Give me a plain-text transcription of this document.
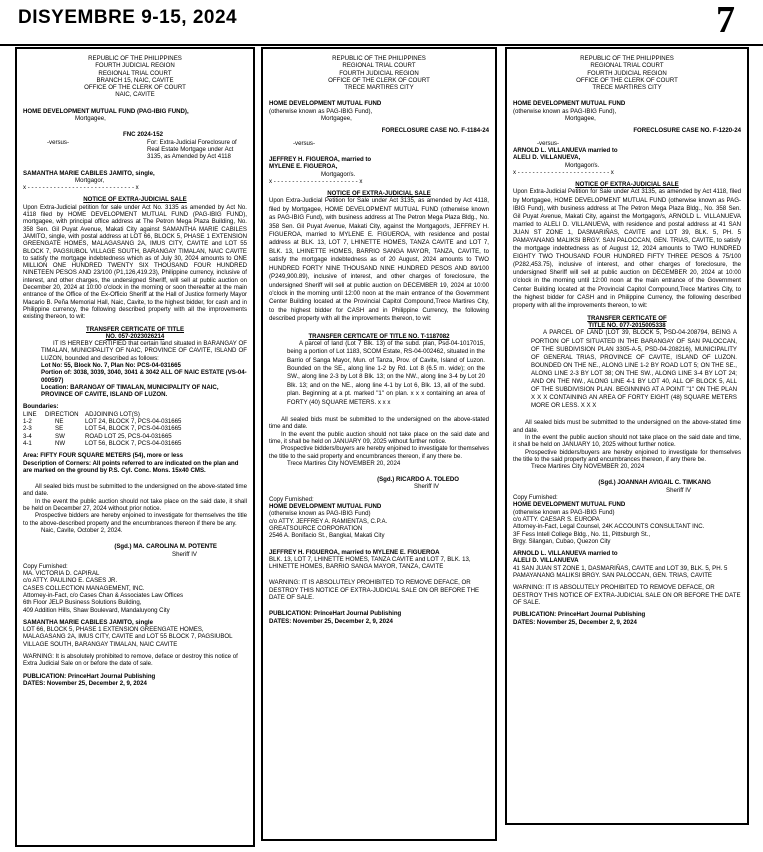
DISYEMBRE 9-15, 2024	7
REPUBLIC OF THE PHILIPPINES
FOURTH JUDICIAL REGION
REGIONAL TRIAL COURT
BRANCH 15, NAIC, CAVITE
OFFICE OF THE CLERK OF COURT
NAIC, CAVITE
HOME DEVELOPMENT MUTUAL FUND (PAG-IBIG FUND),
Mortgagee,
FNC 2024-152
-versus-	For: Extra-Judicial Foreclosure of Real Estate Mortgage under Act 3135, as Amended by Act 4118
SAMANTHA MARIE CABILES JAMITO, single,
Mortgagor,
x - - - - - - - - - - - - - - - - - - - - - - - - - - - - - x
NOTICE OF EXTRA-JUDICIAL SALE

Upon Extra-Judicial petition for sale under Act No. 3135 as amended by Act No. 4118 filed by HOME DEVELOPMENT MUTUAL FUND (PAG-IBIG FUND), mortgagee, with principal office address at The Petron Mega Plaza Building, No. 358 Sen. Gil Puyat Avenue, Makati City against SAMANTHA MARIE CABILES JAMITO, single, with postal address at LOT 66, BLOCK 5, PHASE 1 EXTENSION GREENGATE HOMES, MALAGASANG 2A, IMUS CITY, CAVITE and LOT 55 BLOCK 7, PAGSIUBOL VILLAGE SOUTH, BARANGAY TIMALAN, NAIC CAVITE to satisfy the mortgage indebtedness which as of July 30, 2024 amounts to ONE MILLION ONE HUNDRED TWENTY SIX THOUSAND FOUR HUNDRED NINETEEN PESOS AND 23/100 (P1,126,419.23), Philippine currency, inclusive of interest, and other charges, the undersigned Sheriff, will sell at public auction on December 20, 2024 at 10:00 o'clock in the morning or soon thereafter at the main entrance of the Office of the Ex-Officio Sheriff at the Hall of Justice formerly Mayor Macario B. Peña Memorial Hall, Naic, Cavite, to the highest bidder, for cash and in Philippine currency, the following described property with all the improvements existing thereon, to wit:

TRANSFER CERTICATE OF TITLE
NO. 057-2023026214

IT IS HEREBY CERTIFIED that certain land situated in BARANGAY OF TIMALAN, MUNICIPALITY OF NAIC, PROVINCE OF CAVITE, ISLAND OF LUZON, bounded and described as follows:

Lot No: 55, Block No. 7, Plan No: PCS-04-031665
Portion of: 3038, 3039, 3040, 3041 & 3042 ALL OF NAIC ESTATE (VS-04-000597)
Location: BARANGAY OF TIMALAN, MUNICIPALITY OF NAIC, PROVINCE OF CAVITE, ISLAND OF LUZON.
Boundaries:
LINE	DIRECTION	ADJOINING LOT(S)
1-2	NE	LOT 24, BLOCK 7, PCS-04-031665
2-3	SE	LOT 54, BLOCK 7, PCS-04-031665
3-4	SW	ROAD LOT 25, PCS-04-031665
4-1	NW	LOT 56, BLOCK 7, PCS-04-031665
Area: FIFTY FOUR SQUARE METERS (54), more or less
Description of Corners: All points referred to are indicated on the plan and are marked on the ground by P.S. Cyl. Conc. Mons. 15x40 CMS.

All sealed bids must be submitted to the undersigned on the above-stated time and date.

In the event the public auction should not take place on the said date, it shall be held on December 27, 2024 without prior notice.

Prospective bidders are hereby enjoined to investigate for themselves the title to the above-described property and the encumbrances thereon if there be any.

Naic, Cavite, October 2, 2024.
(Sgd.) MA. CAROLINA M. POTENTE
Sheriff IV
Copy Furnished:
MA. VICTORIA D. CAPIRAL
c/o ATTY. PAULINO E. CASES JR.
CASES COLLECTION MANAGEMENT, INC.
Attorney-in-Fact, c/o Cases Chan & Associates Law Offices
6th Floor JELP Business Solutions Building,
409 Addition Hills, Shaw Boulevard, Mandaluyong City
SAMANTHA MARIE CABILES JAMITO, single
LOT 66, BLOCK 5, PHASE 1 EXTENSION GREENGATE HOMES, MALAGASANG 2A, IMUS CITY, CAVITE and LOT 55 BLOCK 7, PAGSIUBOL VILLAGE SOUTH, BARANGAY TIMALAN, NAIC CAVITE
WARNING: It is absolutely prohibited to remove, deface or destroy this notice of Extra Judicial Sale on or before the date of sale.
PUBLICATION: PrinceHart Journal Publishing
DATES: November 25, December 2, 9, 2024
REPUBLIC OF THE PHILIPPINES
REGIONAL TRIAL COURT
FOURTH JUDICIAL REGION
OFFICE OF THE CLERK OF COURT
TRECE MARTIRES CITY
HOME DEVELOPMENT MUTUAL FUND
(otherwise known as PAG-IBIG Fund),
Mortgagee,
FORECLOSURE CASE NO. F-1184-24
-versus-
JEFFREY H. FIGUEROA, married to
MYLENE E. FIGUEROA,
Mortgagor/s.
x - - - - - - - - - - - - - - - - - - - - - - - x
NOTICE OF EXTRA-JUDICIAL SALE

Upon Extra-Judicial Petition for Sale under Act 3135, as amended by Act 4118, filed by Mortgagee, HOME DEVELOPMENT MUTUAL FUND (otherwise known as PAG-IBIG Fund), with business address at The Petron Mega Plaza Bldg., No. 358 Sen. Gil Puyat Avenue, Makati City, against the Mortgagor/s, JEFFREY H. FIGUEROA, married to MYLENE E. FIGUEROA, with residence and postal address at BLK. 13, LOT 7, LHINETTE HOMES, TANZA CAVITE and LOT 7, BLK. 13, LHINETTE HOMES, BARRIO SANGA MAYOR, TANZA, CAVITE, to satisfy the mortgage indebtedness as of 20 August, 2024 amounts to TWO HUNDRED FORTY NINE THOUSAND NINE HUNDRED PESOS AND 89/100 (P249,900.89), inclusive of interest, and other charges of foreclosure, the undersigned Sheriff will sell at public auction on DECEMBER 19, 2024 at 10:00 o'clock in the morning until 12:00 noon at the main entrance of the Government Center Building located at the Provincial Capitol Compound,Trece Martires City, to the highest bidder for CASH and in Philippine Currency, the following described property with all the improvements thereon, to wit:

TRANSFER CERTICATE OF TITLE NO. T-1187082

A parcel of land (Lot 7 Blk. 13) of the subd. plan, Psd-04-1017015, being a portion of Lot 1183, SCOM Estate, RS-04-002462, situated in the Barrio of Sanga Mayor, Mun. of Tanza, Prov. of Cavite, Island of Luzon. Bounded on the SE., along line 1-2 by Rd. Lot 8 (6.5 m. wide); on the SW., along line 2-3 by Lot 8 Blk. 13; on the NW., along line 3-4 by Lot 20 Blk. 13; and on the NE., along line 4-1 by Lot 6, Blk. 13, all of the subd. plan. Beginning at a pt. marked "1" on plan. x x x containing an area of FORTY (40) SQUARE METERS. x x x

All sealed bids must be submitted to the undersigned on the above-stated time and date.

In the event the public auction should not take place on the said date and time, it shall be held on JANUARY 09, 2025 without further notice.

Prospective bidders/buyers are hereby enjoined to investigate for themselves the title to the said property and encumbrances thereon, if any there be.

Trece Martires City NOVEMBER 20, 2024
(Sgd.) RICARDO A. TOLEDO
Sheriff IV
Copy Furnished:
HOME DEVELOPMENT MUTUAL FUND
(otherwise known as PAG-IBIG Fund)
c/o ATTY. JEFFREY A. RAMIENTAS, C.P.A.
GREATSOURCE CORPORATION
2546 A. Bonifacio St., Bangkal, Makati City
JEFFREY H. FIGUEROA, married to MYLENE E. FIGUEROA
BLK. 13, LOT 7, LHINETTE HOMES, TANZA CAVITE and LOT 7, BLK. 13, LHINETTE HOMES, BARRIO SANGA MAYOR, TANZA, CAVITE
WARNING: IT IS ABSOLUTELY PROHIBITED TO REMOVE DEFACE, OR DESTROY THIS NOTICE OF EXTRA-JUDICIAL SALE ON OR BEFORE THE DATE OF SALE.
PUBLICATION: PrinceHart Journal Publishing
DATES: November 25, December 2, 9, 2024
REPUBLIC OF THE PHILIPPINES
REGIONAL TRIAL COURT
FOURTH JUDICIAL REGION
OFFICE OF THE CLERK OF COURT
TRECE MARTIRES CITY
HOME DEVELOPMENT MUTUAL FUND
(otherwise known as PAG-IBIG Fund),
Mortgagee,
FORECLOSURE CASE NO. F-1220-24
-versus-
ARNOLD L. VILLANUEVA married to
ALELI D. VILLANUEVA,
Mortgagor/s.
x - - - - - - - - - - - - - - - - - - - - - - - - - x
NOTICE OF EXTRA-JUDICIAL SALE

Upon Extra-Judicial Petition for Sale under Act 3135, as amended by Act 4118, filed by Mortgagee, HOME DEVELOPMENT MUTUAL FUND (otherwise known as PAG-IBIG Fund), with business address at The Petron Mega Plaza Bldg., No. 358 Sen. Gil Puyat Avenue, Makati City, against the Mortgagor/s, ARNOLD L. VILLANUEVA married to ALELI D. VILLANUEVA, with residence and postal address at 41 SAN JUAN ST ZONE 1, DASMARIÑAS, CAVITE and LOT 39, BLK. 5, PH. 5 PAMAYANANG MALIKSI BRGY. SAN PALOCCAN, GEN. TRIAS, CAVITE, to satisfy the mortgage indebtedness as of August 12, 2024 amounts to TWO HUNDRED EIGHTY TWO THOUSAND FOUR HUNDRED FIFTY THREE PESOS & 75/100 (P282,453.75), inclusive of interest, and other charges of foreclosure, the undersigned Sheriff will sell at public auction on DECEMBER 20, 2024 at 10:00 o'clock in the morning until 12:00 noon at the main entrance of the Government Center Building located at the Provincial Capitol Compound,Trece Martires City, to the highest bidder for CASH and in Philippine Currency, the following described property with all the improvements thereon, to wit:

TRANSFER CERTICATE OF
TITLE NO. 077-2015005338

A PARCEL OF LAND (LOT 39, BLOCK 5, PSD-04-208794, BEING A PORTION OF LOT SITUATED IN THE BARANGAY OF SAN PALOCCAN, OF THE SUBDIVISION PLAN 3305-A-5, PSD-04-208216), MUNICIPALITY OF GENERAL TRIAS, PROVINCE OF CAVITE, ISLAND OF LUZON. BOUNDED ON THE NE., ALONG LINE 1-2 BY ROAD LOT 5; ON THE SE., ALONG LINE 2-3 BY LOT 38; ON THE SW., ALONG LINE 3-4 BY LOT 24; AND ON THE NW., ALONG LINE 4-1 BY LOT 40, ALL OF BLOCK 5, ALL OF THE SUBDIVISION PLAN. BEGINNING AT A POINT "1" ON THE PLAN X X X CONTAINING AN AREA OF FORTY EIGHT (48) SQUARE METERS MORE OR LESS. X X X

All sealed bids must be submitted to the undersigned on the above-stated time and date.

In the event the public auction should not take place on the said date and time, it shall be held on JANUARY 10, 2025 without further notice.

Prospective bidders/buyers are hereby enjoined to investigate for themselves the title to the said property and encumbrances thereon, if any there be.

Trece Martires City NOVEMBER 20, 2024
(Sgd.) JOANNAH AVIGAIL C. TIMKANG
Sheriff IV
Copy Furnished:
HOME DEVELOPMENT MUTUAL FUND
(otherwise known as PAG-IBIG Fund)
c/o ATTY. CAESAR S. EUROPA
Attorney-in-Fact, Legal Counsel, 24K ACCOUNTS CONSULTANT INC.
3F Fess Intell College Bldg., No. 11, Pittsburgh St.,
Brgy. Silangan, Cubao, Quezon City
ARNOLD L. VILLANUEVA married to
ALELI D. VILLANUEVA
41 SAN JUAN ST ZONE 1, DASMARIÑAS, CAVITE and LOT 39, BLK. 5, PH. 5 PAMAYANANG MALIKSI BRGY. SAN PALOCCAN, GEN. TRIAS, CAVITE
WARNING: IT IS ABSOLUTELY PROHIBITED TO REMOVE DEFACE, OR DESTROY THIS NOTICE OF EXTRA-JUDICIAL SALE ON OR BEFORE THE DATE OF SALE.
PUBLICATION: PrinceHart Journal Publishing
DATES: November 25, December 2, 9, 2024
